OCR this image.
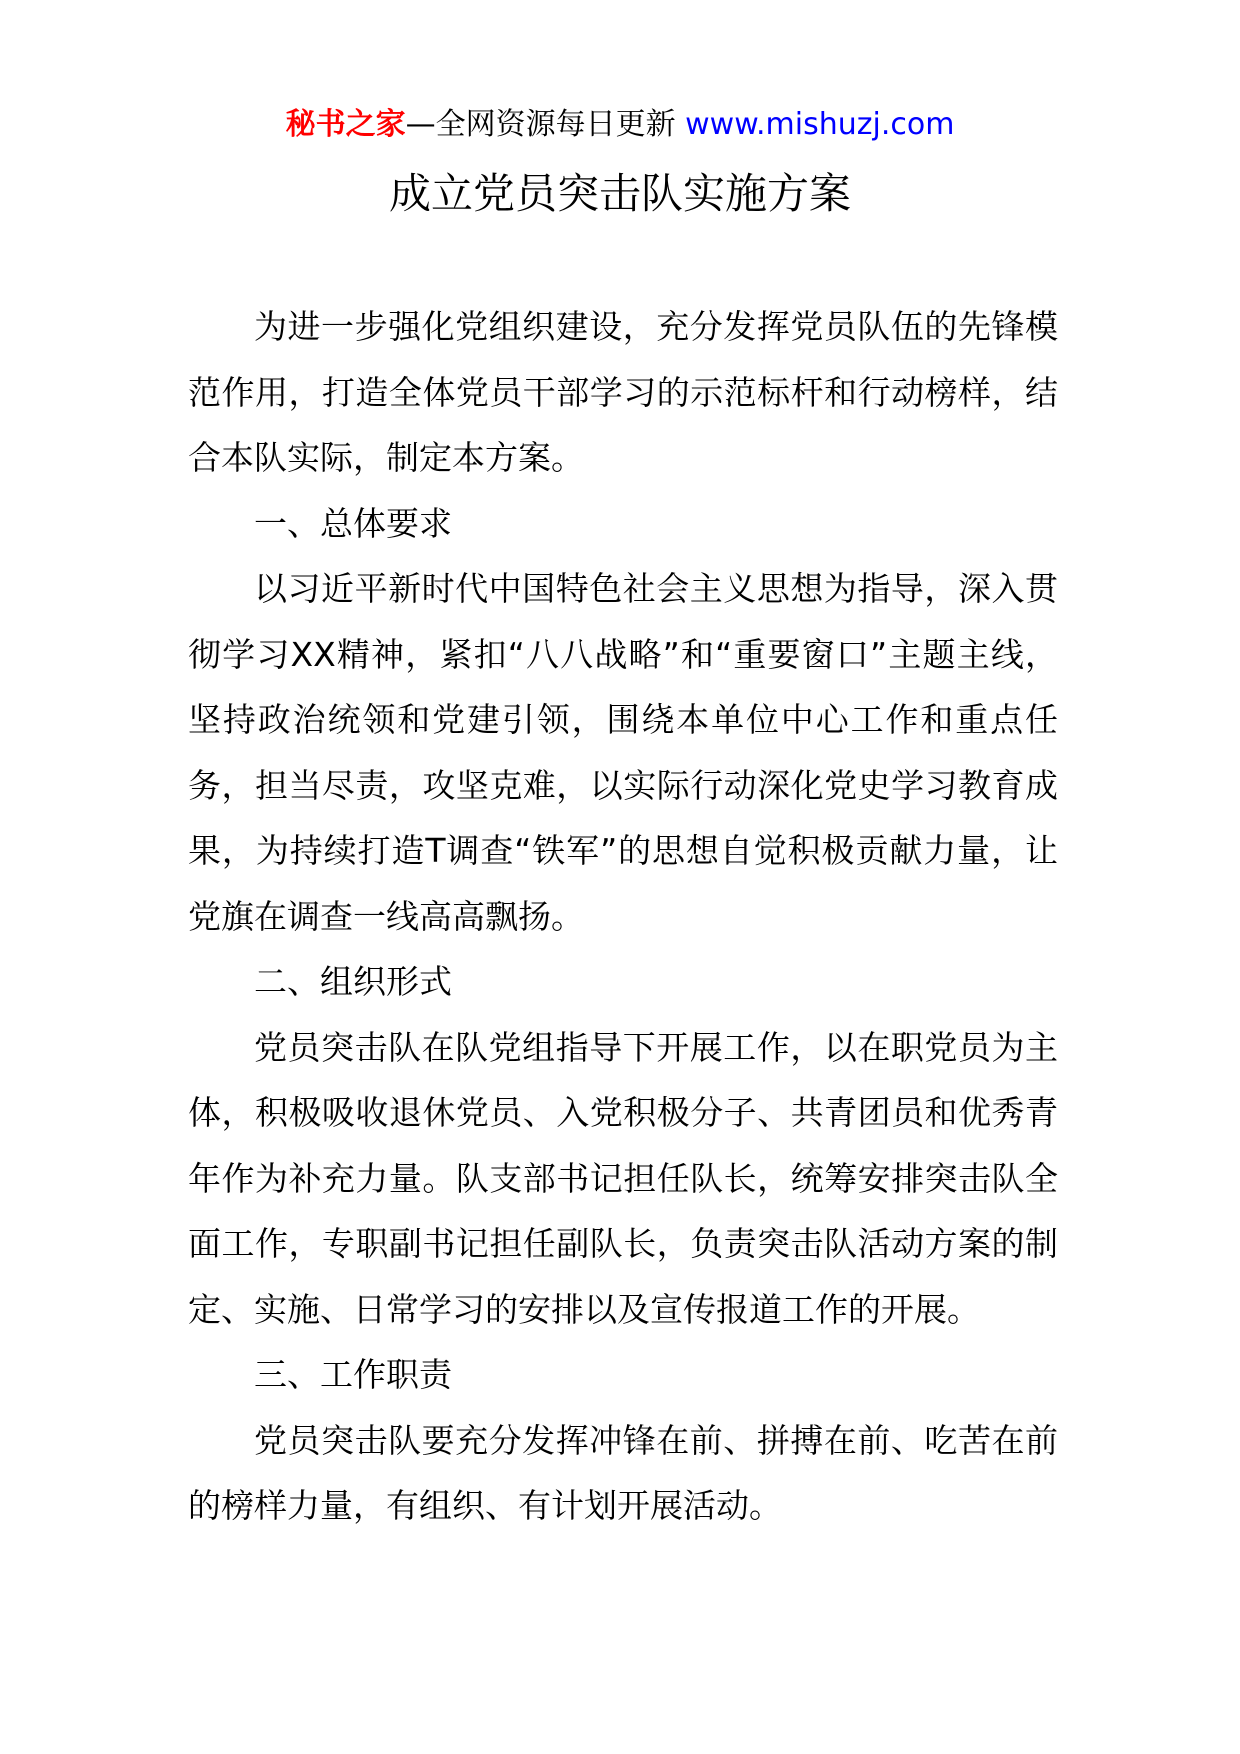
秘书之家—全网资源每日更新 www.mishuzj.com
成立党员突击队实施方案

为进一步强化党组织建设，充分发挥党员队伍的先锋模范作用，打造全体党员干部学习的示范标杆和行动榜样，结合本队实际，制定本方案。

一、总体要求

以习近平新时代中国特色社会主义思想为指导，深入贯彻学习XX精神，紧扣“八八战略”和“重要窗口”主题主线，坚持政治统领和党建引领，围绕本单位中心工作和重点任务，担当尽责，攻坚克难，以实际行动深化党史学习教育成果，为持续打造T调查“铁军”的思想自觉积极贡献力量，让党旗在调查一线高高飘扬。

二、组织形式

党员突击队在队党组指导下开展工作，以在职党员为主体，积极吸收退休党员、入党积极分子、共青团员和优秀青年作为补充力量。队支部书记担任队长，统筹安排突击队全面工作，专职副书记担任副队长，负责突击队活动方案的制定、实施、日常学习的安排以及宣传报道工作的开展。

三、工作职责

党员突击队要充分发挥冲锋在前、拼搏在前、吃苦在前的榜样力量，有组织、有计划开展活动。
